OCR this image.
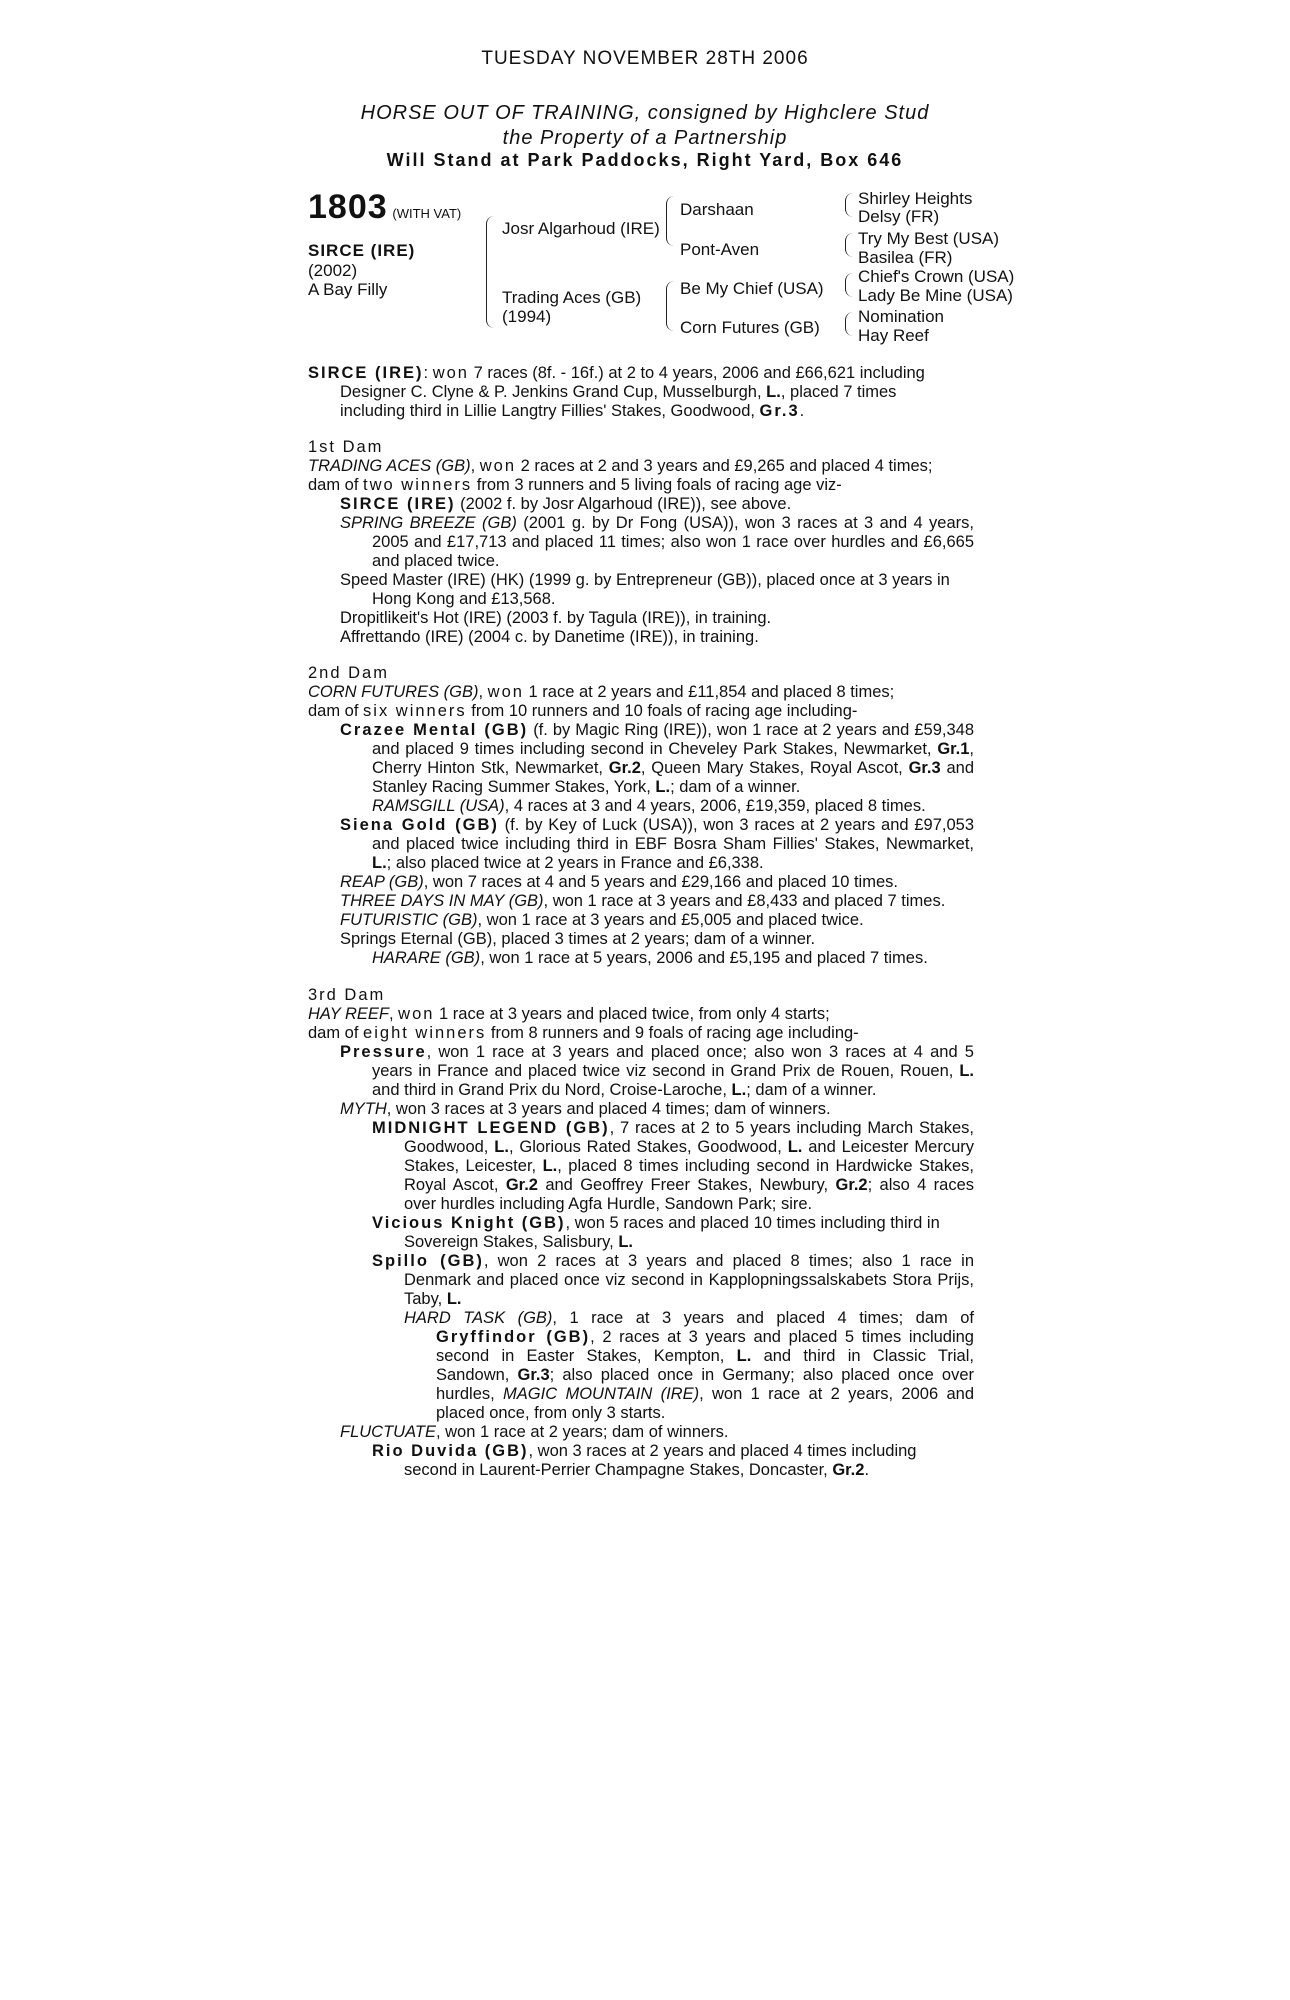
TUESDAY NOVEMBER 28TH 2006
HORSE OUT OF TRAINING, consigned by Highclere Stud
the Property of a Partnership
Will Stand at Park Paddocks, Right Yard, Box 646
1803 (WITH VAT)
SIRCE (IRE)
(2002)
A Bay Filly
Josr Algarhoud (IRE)
Trading Aces (GB)
(1994)
Darshaan
Pont-Aven
Be My Chief (USA)
Corn Futures (GB)
Shirley Heights
Delsy (FR)
Try My Best (USA)
Basilea (FR)
Chief's Crown (USA)
Lady Be Mine (USA)
Nomination
Hay Reef

SIRCE (IRE): won 7 races (8f. - 16f.) at 2 to 4 years, 2006 and £66,621 including

Designer C. Clyne & P. Jenkins Grand Cup, Musselburgh, L., placed 7 times

including third in Lillie Langtry Fillies' Stakes, Goodwood, Gr.3.

1st Dam

TRADING ACES (GB), won 2 races at 2 and 3 years and £9,265 and placed 4 times;

dam of two winners from 3 runners and 5 living foals of racing age viz-

SIRCE (IRE) (2002 f. by Josr Algarhoud (IRE)), see above.

SPRING BREEZE (GB) (2001 g. by Dr Fong (USA)), won 3 races at 3 and 4 years, 2005 and £17,713 and placed 11 times; also won 1 race over hurdles and £6,665 and placed twice.

Speed Master (IRE) (HK) (1999 g. by Entrepreneur (GB)), placed once at 3 years in Hong Kong and £13,568.

Dropitlikeit's Hot (IRE) (2003 f. by Tagula (IRE)), in training.

Affrettando (IRE) (2004 c. by Danetime (IRE)), in training.

2nd Dam

CORN FUTURES (GB), won 1 race at 2 years and £11,854 and placed 8 times;

dam of six winners from 10 runners and 10 foals of racing age including-

Crazee Mental (GB) (f. by Magic Ring (IRE)), won 1 race at 2 years and £59,348 and placed 9 times including second in Cheveley Park Stakes, Newmarket, Gr.1, Cherry Hinton Stk, Newmarket, Gr.2, Queen Mary Stakes, Royal Ascot, Gr.3 and Stanley Racing Summer Stakes, York, L.; dam of a winner.

RAMSGILL (USA), 4 races at 3 and 4 years, 2006, £19,359, placed 8 times.

Siena Gold (GB) (f. by Key of Luck (USA)), won 3 races at 2 years and £97,053 and placed twice including third in EBF Bosra Sham Fillies' Stakes, Newmarket, L.; also placed twice at 2 years in France and £6,338.

REAP (GB), won 7 races at 4 and 5 years and £29,166 and placed 10 times.

THREE DAYS IN MAY (GB), won 1 race at 3 years and £8,433 and placed 7 times.

FUTURISTIC (GB), won 1 race at 3 years and £5,005 and placed twice.

Springs Eternal (GB), placed 3 times at 2 years; dam of a winner.

HARARE (GB), won 1 race at 5 years, 2006 and £5,195 and placed 7 times.

3rd Dam

HAY REEF, won 1 race at 3 years and placed twice, from only 4 starts;

dam of eight winners from 8 runners and 9 foals of racing age including-

Pressure, won 1 race at 3 years and placed once; also won 3 races at 4 and 5 years in France and placed twice viz second in Grand Prix de Rouen, Rouen, L. and third in Grand Prix du Nord, Croise-Laroche, L.; dam of a winner.

MYTH, won 3 races at 3 years and placed 4 times; dam of winners.

MIDNIGHT LEGEND (GB), 7 races at 2 to 5 years including March Stakes, Goodwood, L., Glorious Rated Stakes, Goodwood, L. and Leicester Mercury Stakes, Leicester, L., placed 8 times including second in Hardwicke Stakes, Royal Ascot, Gr.2 and Geoffrey Freer Stakes, Newbury, Gr.2; also 4 races over hurdles including Agfa Hurdle, Sandown Park; sire.

Vicious Knight (GB), won 5 races and placed 10 times including third in Sovereign Stakes, Salisbury, L.

Spillo (GB), won 2 races at 3 years and placed 8 times; also 1 race in Denmark and placed once viz second in Kapplopningssalskabets Stora Prijs, Taby, L.

HARD TASK (GB), 1 race at 3 years and placed 4 times; dam of Gryffindor (GB), 2 races at 3 years and placed 5 times including second in Easter Stakes, Kempton, L. and third in Classic Trial, Sandown, Gr.3; also placed once in Germany; also placed once over hurdles, MAGIC MOUNTAIN (IRE), won 1 race at 2 years, 2006 and placed once, from only 3 starts.

FLUCTUATE, won 1 race at 2 years; dam of winners.

Rio Duvida (GB), won 3 races at 2 years and placed 4 times including second in Laurent-Perrier Champagne Stakes, Doncaster, Gr.2.
